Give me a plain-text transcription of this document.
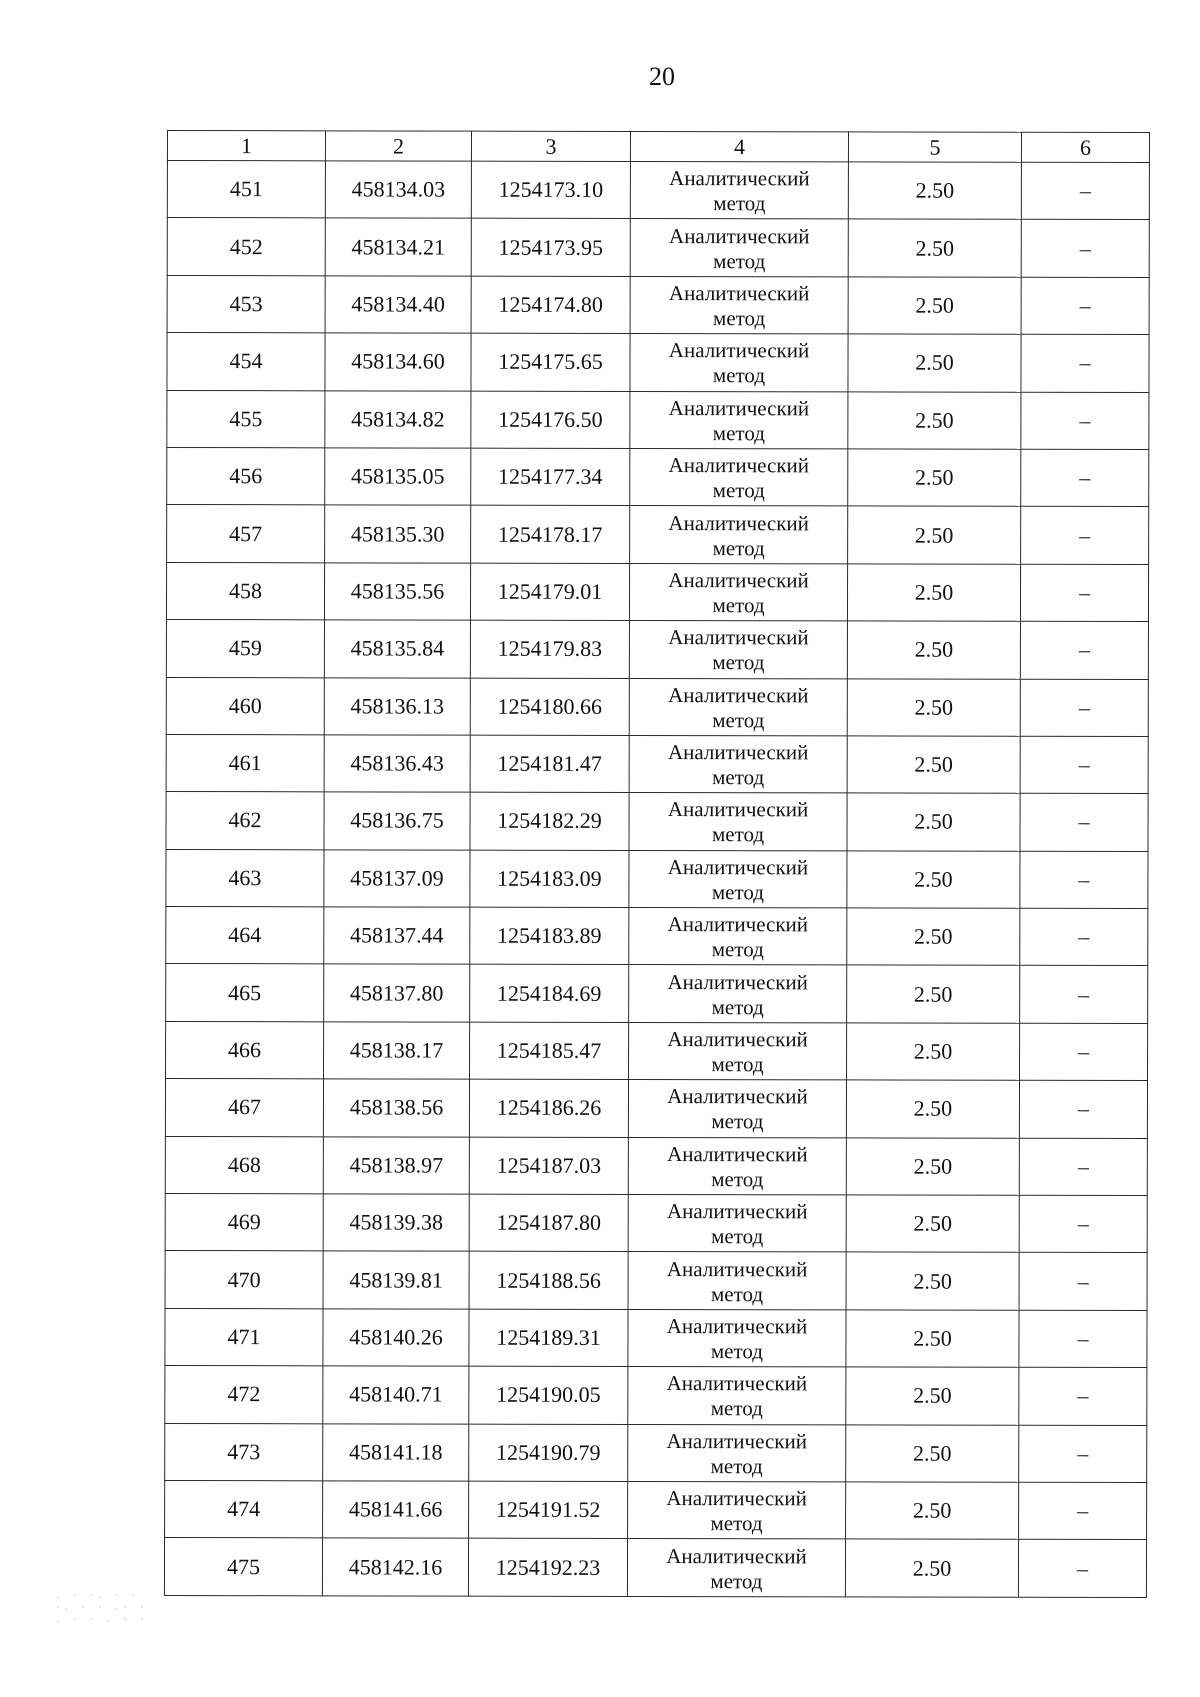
20
1	2	3	4	5	6
451	458134.03	1254173.10	Аналитический
метод	2.50	–
452	458134.21	1254173.95	Аналитический
метод	2.50	–
453	458134.40	1254174.80	Аналитический
метод	2.50	–
454	458134.60	1254175.65	Аналитический
метод	2.50	–
455	458134.82	1254176.50	Аналитический
метод	2.50	–
456	458135.05	1254177.34	Аналитический
метод	2.50	–
457	458135.30	1254178.17	Аналитический
метод	2.50	–
458	458135.56	1254179.01	Аналитический
метод	2.50	–
459	458135.84	1254179.83	Аналитический
метод	2.50	–
460	458136.13	1254180.66	Аналитический
метод	2.50	–
461	458136.43	1254181.47	Аналитический
метод	2.50	–
462	458136.75	1254182.29	Аналитический
метод	2.50	–
463	458137.09	1254183.09	Аналитический
метод	2.50	–
464	458137.44	1254183.89	Аналитический
метод	2.50	–
465	458137.80	1254184.69	Аналитический
метод	2.50	–
466	458138.17	1254185.47	Аналитический
метод	2.50	–
467	458138.56	1254186.26	Аналитический
метод	2.50	–
468	458138.97	1254187.03	Аналитический
метод	2.50	–
469	458139.38	1254187.80	Аналитический
метод	2.50	–
470	458139.81	1254188.56	Аналитический
метод	2.50	–
471	458140.26	1254189.31	Аналитический
метод	2.50	–
472	458140.71	1254190.05	Аналитический
метод	2.50	–
473	458141.18	1254190.79	Аналитический
метод	2.50	–
474	458141.66	1254191.52	Аналитический
метод	2.50	–
475	458142.16	1254192.23	Аналитический
метод	2.50	–
. · ·. · ·
·. · · .· ·
. · · . · ·
